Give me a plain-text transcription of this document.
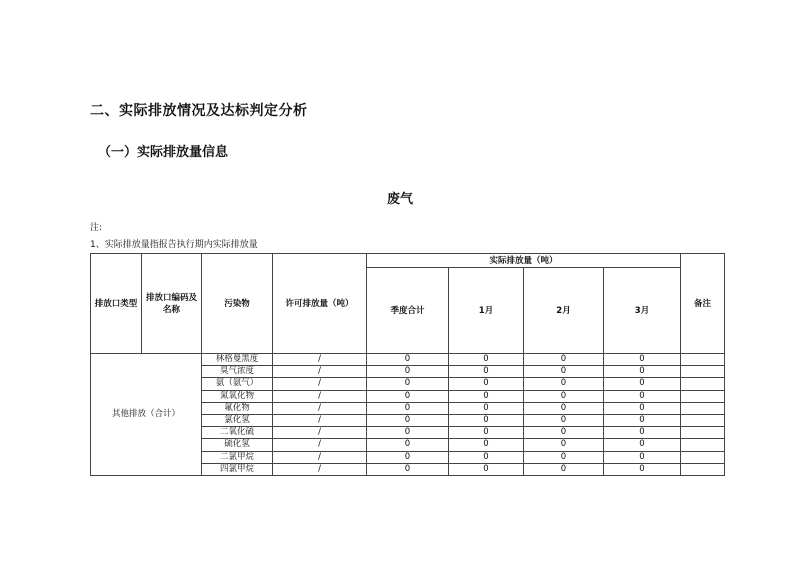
二、实际排放情况及达标判定分析
（一）实际排放量信息
废气
注:
1、实际排放量指报告执行期内实际排放量
排放口类型	排放口编码及名称	污染物	许可排放量（吨）	实际排放量（吨）				备注
				季度合计	1月	2月	3月	
其他排放（合计）		林格曼黑度	/	0	0	0	0	
		臭气浓度	/	0	0	0	0	
		氨（氨气）	/	0	0	0	0	
		氮氧化物	/	0	0	0	0	
		氟化物	/	0	0	0	0	
		氯化氢	/	0	0	0	0	
		二氧化硫	/	0	0	0	0	
		硫化氢	/	0	0	0	0	
		二氯甲烷	/	0	0	0	0	
		四氯甲烷	/	0	0	0	0	
